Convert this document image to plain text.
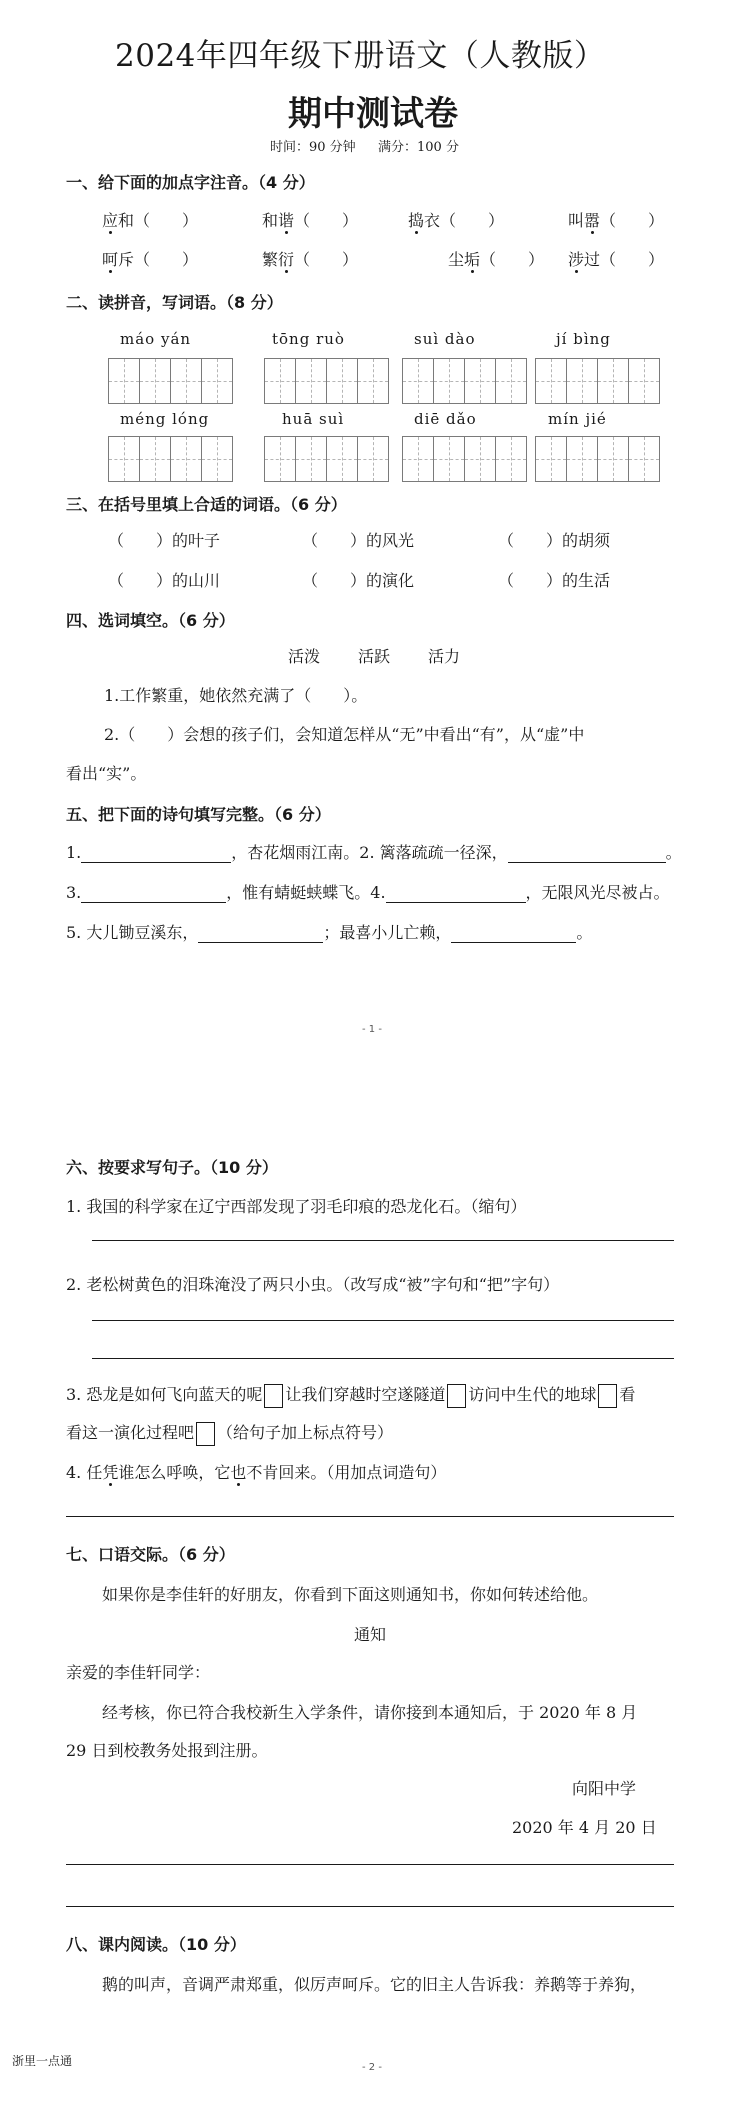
2024年四年级下册语文（人教版）
期中测试卷
时间：90 分钟 满分：100 分
一、给下面的加点字注音。（4 分）
应和（　　）	和谐（　　）	捣衣（　　）	叫嚣（　　）
呵斥（　　）	繁衍（　　）	尘垢（　　） 涉过（　　）
二、读拼音，写词语。（8 分）
máo yán	tōng ruò	suì dào	jí bìng
méng lóng	huā suì	diē dǎo	mín jié
三、在括号里填上合适的词语。（6 分）
（　　）的叶子	（　　）的风光	（　　）的胡须
（　　）的山川	（　　）的演化	（　　）的生活
四、选词填空。（6 分）
活泼 活跃 活力
1.工作繁重，她依然充满了（　　）。
2.（　　）会想的孩子们，会知道怎样从“无”中看出“有”，从“虚”中
看出“实”。
五、把下面的诗句填写完整。（6 分）
1.	，杏花烟雨江南。2. 篱落疏疏一径深，	。
3.	，惟有蜻蜓蛱蝶飞。4.	，无限风光尽被占。
5. 大儿锄豆溪东，	；最喜小儿亡赖，	。
- 1 -
六、按要求写句子。（10 分）
1. 我国的科学家在辽宁西部发现了羽毛印痕的恐龙化石。（缩句）
2. 老松树黄色的泪珠淹没了两只小虫。（改写成“被”字句和“把”字句）
3. 恐龙是如何飞向蓝天的呢 让我们穿越时空遂隧道 访问中生代的地球 看
看这一演化过程吧 （给句子加上标点符号）
4. 任凭谁怎么呼唤，它也不肯回来。（用加点词造句）
七、口语交际。（6 分）
如果你是李佳轩的好朋友，你看到下面这则通知书，你如何转述给他。
通知
亲爱的李佳轩同学：
经考核，你已符合我校新生入学条件，请你接到本通知后，于 2020 年 8 月
29 日到校教务处报到注册。
向阳中学
2020 年 4 月 20 日
八、课内阅读。（10 分）
鹅的叫声，音调严肃郑重，似厉声呵斥。它的旧主人告诉我：养鹅等于养狗，
浙里一点通	- 2 -
